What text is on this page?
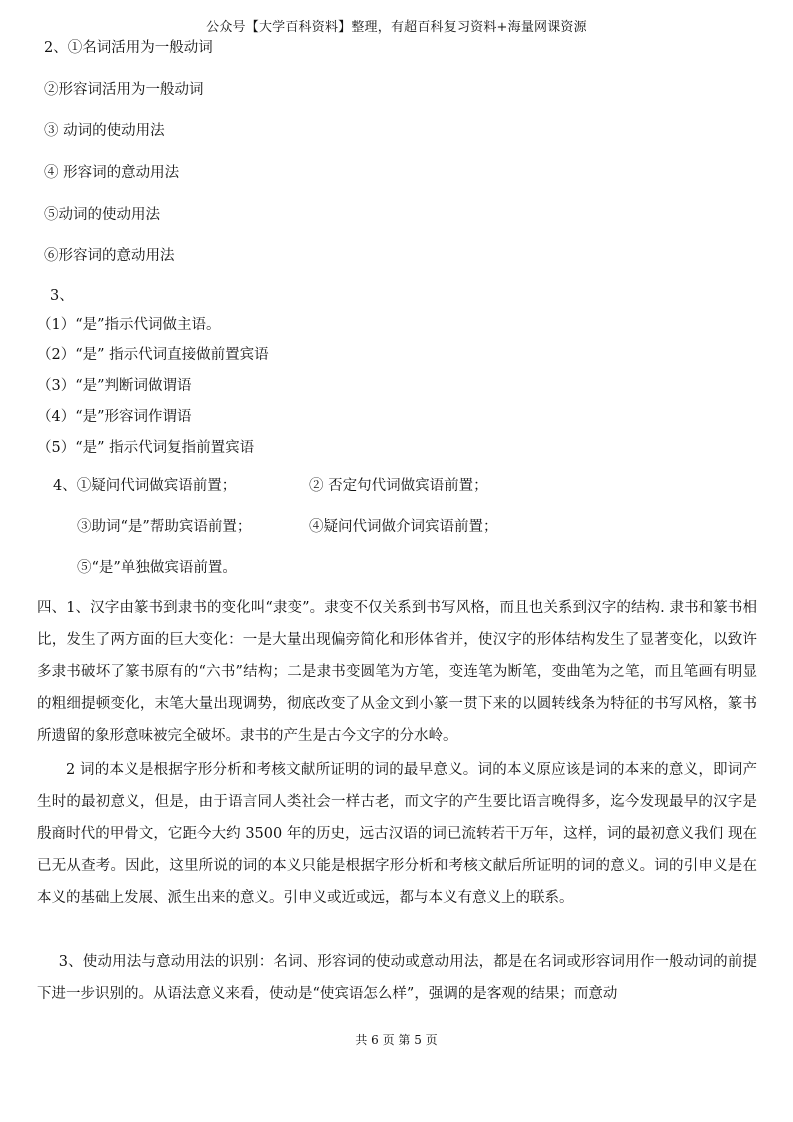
公众号【大学百科资料】整理，有超百科复习资料+海量网课资源
2、①名词活用为一般动词
②形容词活用为一般动词
③ 动词的使动用法
④ 形容词的意动用法
⑤动词的使动用法
⑥形容词的意动用法
3、
（1）“是”指示代词做主语。
（2）“是” 指示代词直接做前置宾语
（3）“是”判断词做谓语
（4）“是”形容词作谓语
（5）“是” 指示代词复指前置宾语
4、①疑问代词做宾语前置；	② 否定句代词做宾语前置；
③助词“是”帮助宾语前置；	④疑问代词做介词宾语前置；
⑤“是”单独做宾语前置。
四、1、汉字由篆书到隶书的变化叫“隶变”。隶变不仅关系到书写风格，而且也关系到汉字的结构. 隶书和篆书相比，发生了两方面的巨大变化：一是大量出现偏旁简化和形体省并，使汉字的形体结构发生了显著变化，以致许多隶书破坏了篆书原有的“六书”结构；二是隶书变圆笔为方笔，变连笔为断笔，变曲笔为之笔，而且笔画有明显的粗细提顿变化，末笔大量出现调势，彻底改变了从金文到小篆一贯下来的以圆转线条为特征的书写风格，篆书所遗留的象形意味被完全破坏。隶书的产生是古今文字的分水岭。
2 词的本义是根据字形分析和考核文献所证明的词的最早意义。词的本义原应该是词的本来的意义，即词产生时的最初意义，但是，由于语言同人类社会一样古老，而文字的产生要比语言晚得多，迄今发现最早的汉字是殷商时代的甲骨文，它距今大约 3500 年的历史，远古汉语的词已流转若干万年，这样，词的最初意义我们 现在已无从查考。因此，这里所说的词的本义只能是根据字形分析和考核文献后所证明的词的意义。词的引申义是在本义的基础上发展、派生出来的意义。引申义或近或远，都与本义有意义上的联系。
3、使动用法与意动用法的识别：名词、形容词的使动或意动用法，都是在名词或形容词用作一般动词的前提下进一步识别的。从语法意义来看，使动是“使宾语怎么样”，强调的是客观的结果；而意动
共 6 页 第 5 页
